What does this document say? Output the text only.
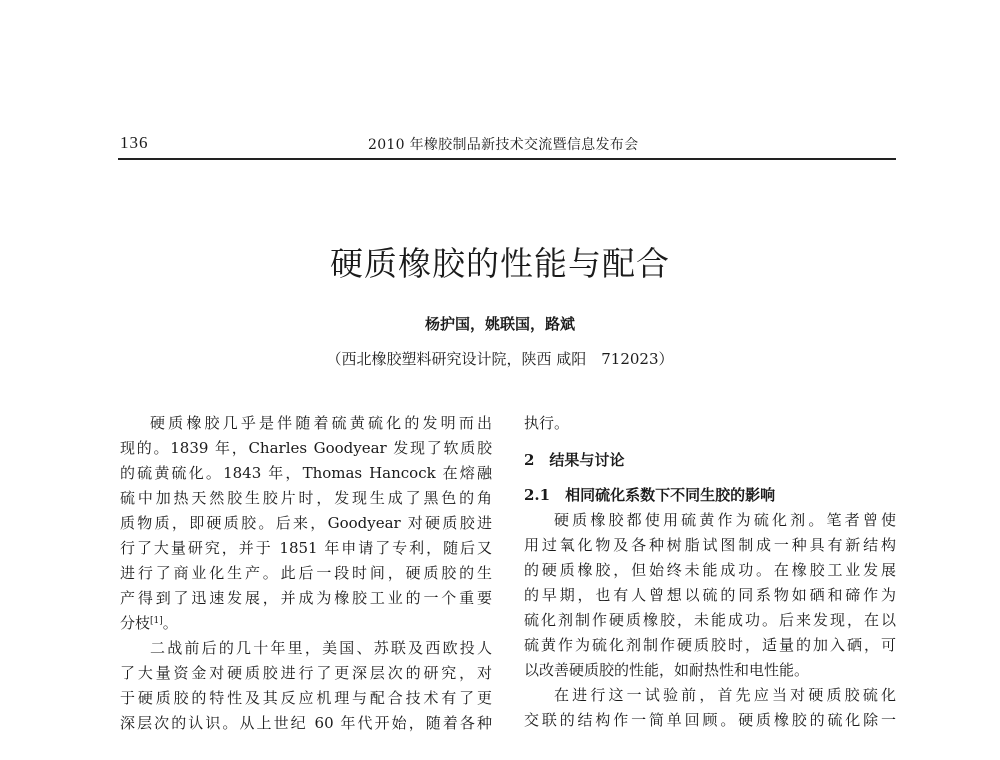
136	2010 年橡胶制品新技术交流暨信息发布会
硬质橡胶的性能与配合
杨护国，姚联国，路斌
（西北橡胶塑料研究设计院，陕西 咸阳　712023）
硬质橡胶几乎是伴随着硫黄硫化的发明而出
现的。1839 年，Charles Goodyear 发现了软质胶
的硫黄硫化。1843 年，Thomas Hancock 在熔融
硫中加热天然胶生胶片时，发现生成了黑色的角
质物质，即硬质胶。后来，Goodyear 对硬质胶进
行了大量研究，并于 1851 年申请了专利，随后又
进行了商业化生产。此后一段时间，硬质胶的生
产得到了迅速发展，并成为橡胶工业的一个重要
分枝[1]。
二战前后的几十年里，美国、苏联及西欧投人
了大量资金对硬质胶进行了更深层次的研究，对
于硬质胶的特性及其反应机理与配合技术有了更
深层次的认识。从上世纪 60 年代开始，随着各种
执行。
2　结果与讨论
2.1　相同硫化系数下不同生胶的影响
硬质橡胶都使用硫黄作为硫化剂。笔者曾使
用过氧化物及各种树脂试图制成一种具有新结构
的硬质橡胶，但始终未能成功。在橡胶工业发展
的早期，也有人曾想以硫的同系物如硒和碲作为
硫化剂制作硬质橡胶，未能成功。后来发现，在以
硫黄作为硫化剂制作硬质胶时，适量的加入硒，可
以改善硬质胶的性能，如耐热性和电性能。
在进行这一试验前，首先应当对硬质胶硫化
交联的结构作一简单回顾。硬质橡胶的硫化除一
